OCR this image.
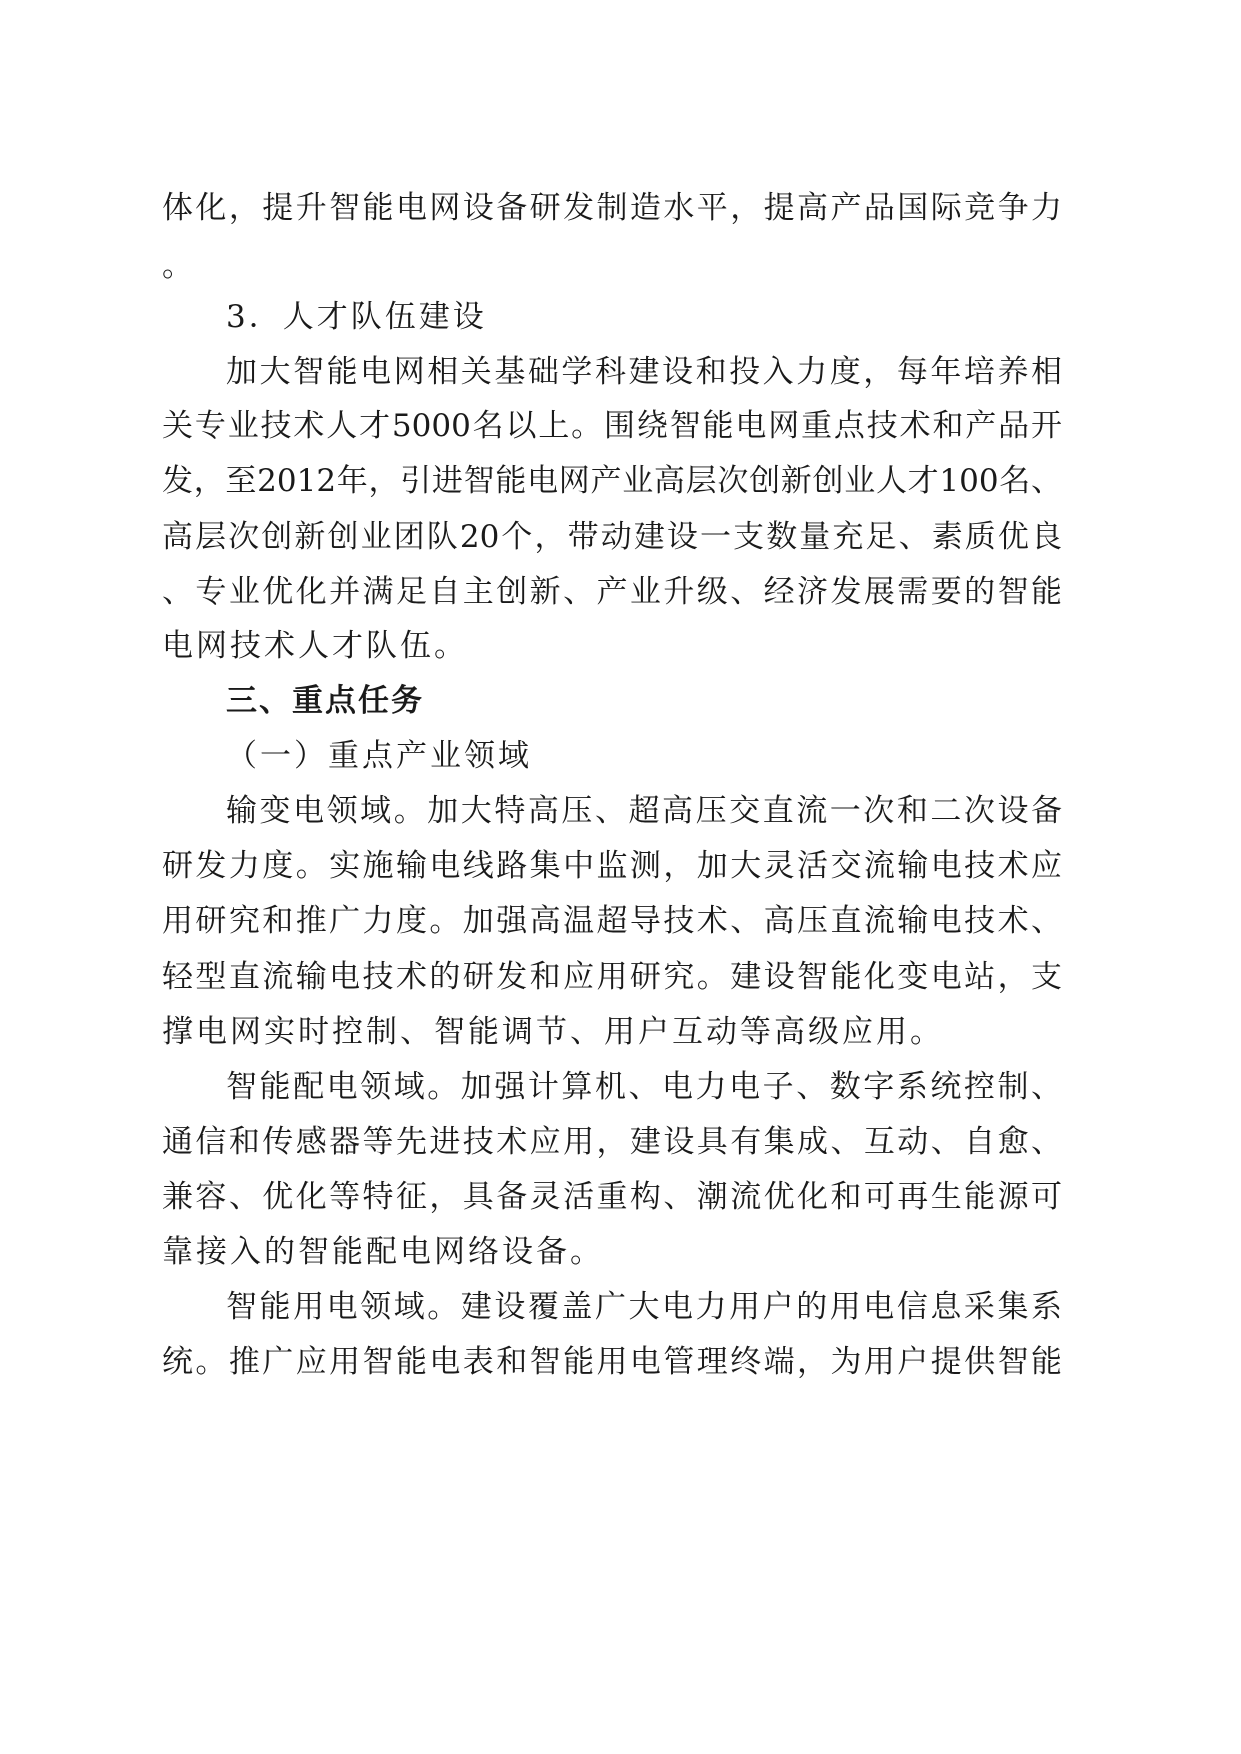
体化，提升智能电网设备研发制造水平，提高产品国际竞争力
。
3．人才队伍建设
加大智能电网相关基础学科建设和投入力度，每年培养相
关专业技术人才5000名以上。围绕智能电网重点技术和产品开
发，至2012年，引进智能电网产业高层次创新创业人才100名、
高层次创新创业团队20个，带动建设一支数量充足、素质优良
、专业优化并满足自主创新、产业升级、经济发展需要的智能
电网技术人才队伍。
三、重点任务
（一）重点产业领域
输变电领域。加大特高压、超高压交直流一次和二次设备
研发力度。实施输电线路集中监测，加大灵活交流输电技术应
用研究和推广力度。加强高温超导技术、高压直流输电技术、
轻型直流输电技术的研发和应用研究。建设智能化变电站，支
撑电网实时控制、智能调节、用户互动等高级应用。
智能配电领域。加强计算机、电力电子、数字系统控制、
通信和传感器等先进技术应用，建设具有集成、互动、自愈、
兼容、优化等特征，具备灵活重构、潮流优化和可再生能源可
靠接入的智能配电网络设备。
智能用电领域。建设覆盖广大电力用户的用电信息采集系
统。推广应用智能电表和智能用电管理终端，为用户提供智能
